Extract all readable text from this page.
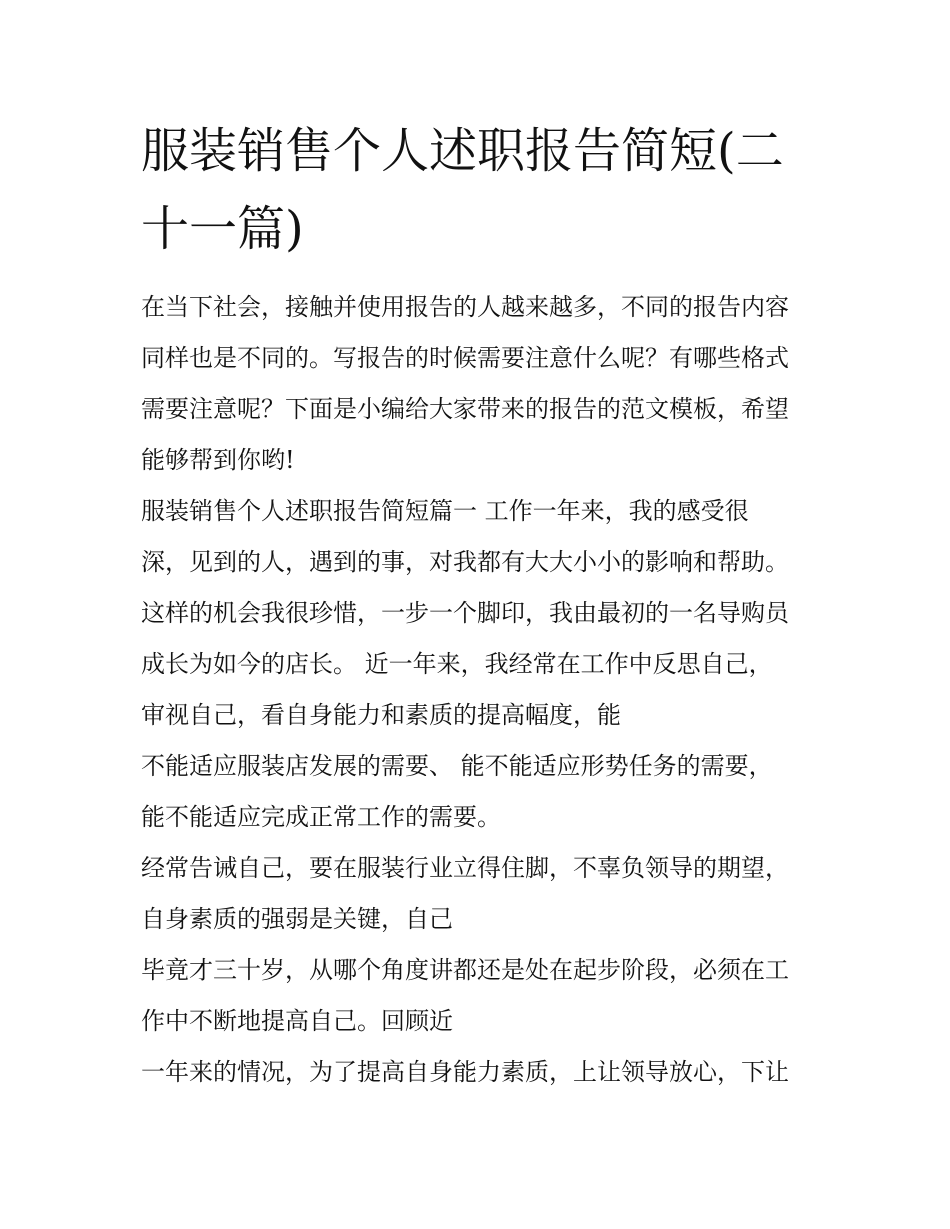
服装销售个人述职报告简短(二
十一篇)

在当下社会，接触并使用报告的人越来越多，不同的报告内容
同样也是不同的。写报告的时候需要注意什么呢？有哪些格式
需要注意呢？下面是小编给大家带来的报告的范文模板，希望
能够帮到你哟!

服装销售个人述职报告简短篇一 工作一年来，我的感受很
深，见到的人，遇到的事，对我都有大大小小的影响和帮助。
这样的机会我很珍惜，一步一个脚印，我由最初的一名导购员
成长为如今的店长。 近一年来，我经常在工作中反思自己，
审视自己，看自身能力和素质的提高幅度，能

不能适应服装店发展的需要、 能不能适应形势任务的需要，
能不能适应完成正常工作的需要。

经常告诫自己，要在服装行业立得住脚，不辜负领导的期望，
自身素质的强弱是关键，自己

毕竟才三十岁，从哪个角度讲都还是处在起步阶段，必须在工
作中不断地提高自己。回顾近

一年来的情况，为了提高自身能力素质，上让领导放心，下让
